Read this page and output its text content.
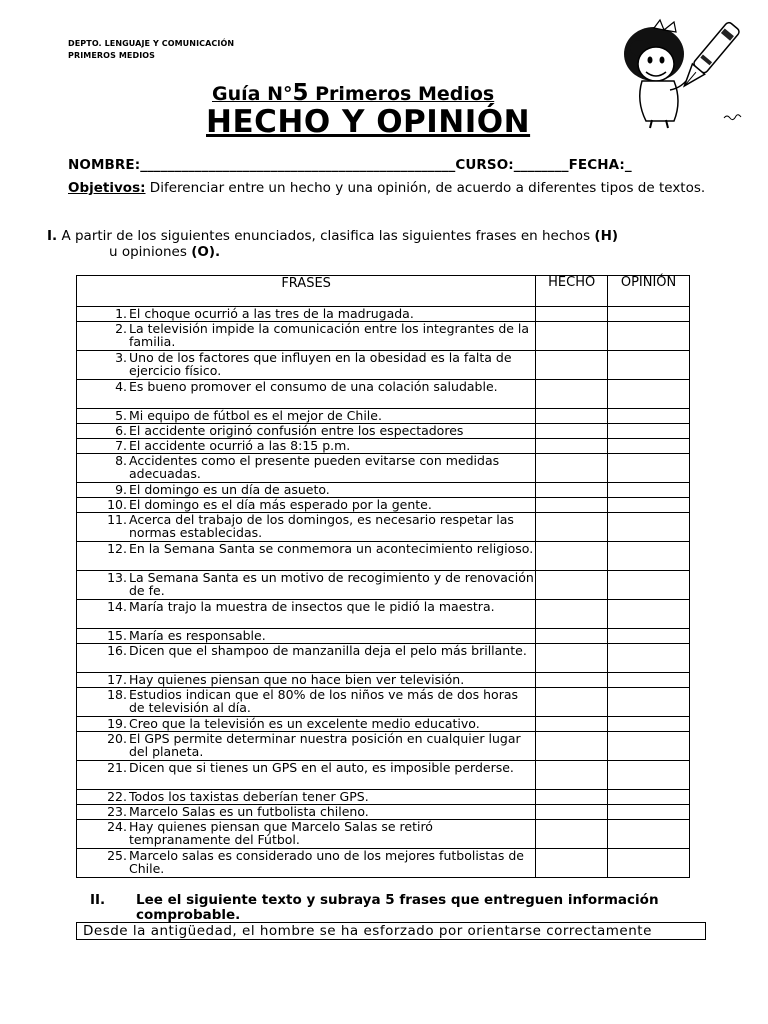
DEPTO. LENGUAJE Y COMUNICACIÓN
PRIMEROS MEDIOS
Guía N°5 Primeros Medios
HECHO Y OPINIÓN
NOMBRE:______________________________________________CURSO:________FECHA:_
Objetivos: Diferenciar entre un hecho y una opinión, de acuerdo a diferentes tipos de textos.
I. A partir de los siguientes enunciados, clasifica las siguientes frases en hechos (H)
u opiniones (O).
FRASES	HECHO	OPINIÓN

1. El choque ocurrió a las tres de la madrugada.		

2. La televisión impide la comunicación entre los integrantes de la familia.		

3. Uno de los factores que influyen en la obesidad es la falta de ejercicio físico.		

4. Es bueno promover el consumo de una colación saludable.		

5. Mi equipo de fútbol es el mejor de Chile.		

6. El accidente originó confusión entre los espectadores		

7. El accidente ocurrió a las 8:15 p.m.		

8. Accidentes como el presente pueden evitarse con medidas adecuadas.		

9. El domingo es un día de asueto.		

10. El domingo es el día más esperado por la gente.		

11. Acerca del trabajo de los domingos, es necesario respetar las normas establecidas.		

12. En la Semana Santa se conmemora un acontecimiento religioso.		

13. La Semana Santa es un motivo de recogimiento y de renovación de fe.		

14. María trajo la muestra de insectos que le pidió la maestra.		

15. María es responsable.		

16. Dicen que el shampoo de manzanilla deja el pelo más brillante.		

17. Hay quienes piensan que no hace bien ver televisión.		

18. Estudios indican que el 80% de los niños ve más de dos horas de televisión al día.		

19. Creo que la televisión es un excelente medio educativo.		

20. El GPS permite determinar nuestra posición en cualquier lugar del planeta.		

21. Dicen que si tienes un GPS en el auto, es imposible perderse.		

22. Todos los taxistas deberían tener GPS.		

23. Marcelo Salas es un futbolista chileno.		

24. Hay quienes piensan que Marcelo Salas se retiró tempranamente del Fútbol.		

25. Marcelo salas es considerado uno de los mejores futbolistas de Chile.		

II. Lee el siguiente texto y subraya 5 frases que entreguen información comprobable.
Desde la antigüedad, el hombre se ha esforzado por orientarse correctamente
